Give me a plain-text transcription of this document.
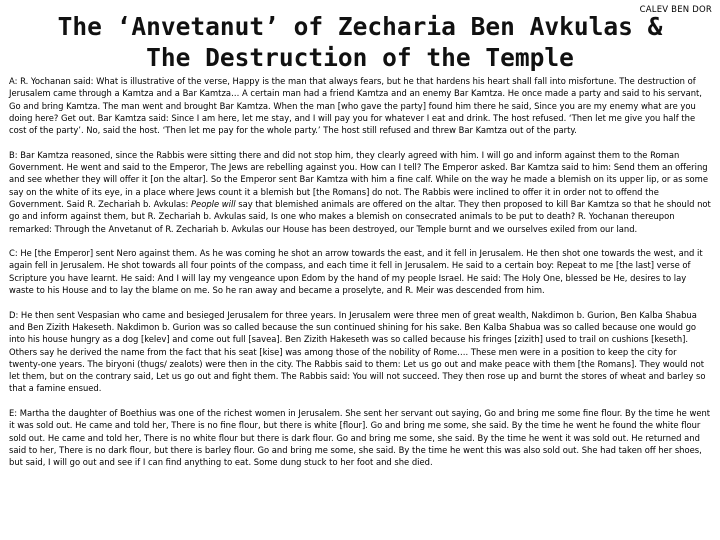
CALEV BEN DOR
The ‘Anvetanut’ of Zecharia Ben Avkulas &
The Destruction of the Temple

A: R. Yochanan said: What is illustrative of the verse, Happy is the man that always fears, but he that hardens his heart shall fall into misfortune. The destruction of Jerusalem came through a Kamtza and a Bar Kamtza… A certain man had a friend Kamtza and an enemy Bar Kamtza. He once made a party and said to his servant, Go and bring Kamtza. The man went and brought Bar Kamtza. When the man [who gave the party] found him there he said, Since you are my enemy what are you doing here? Get out. Bar Kamtza said: Since I am here, let me stay, and I will pay you for whatever I eat and drink. The host refused. ‘Then let me give you half the cost of the party’. No, said the host. ‘Then let me pay for the whole party.’ The host still refused and threw Bar Kamtza out of the party.

B: Bar Kamtza reasoned, since the Rabbis were sitting there and did not stop him, they clearly agreed with him. I will go and inform against them to the Roman Government. He went and said to the Emperor, The Jews are rebelling against you. How can I tell? The Emperor asked. Bar Kamtza said to him: Send them an offering and see whether they will offer it [on the altar]. So the Emperor sent Bar Kamtza with him a fine calf. While on the way he made a blemish on its upper lip, or as some say on the white of its eye, in a place where Jews count it a blemish but [the Romans] do not. The Rabbis were inclined to offer it in order not to offend the Government. Said R. Zechariah b. Avkulas: People will say that blemished animals are offered on the altar. They then proposed to kill Bar Kamtza so that he should not go and inform against them, but R. Zechariah b. Avkulas said, Is one who makes a blemish on consecrated animals to be put to death? R. Yochanan thereupon remarked: Through the Anvetanut of R. Zechariah b. Avkulas our House has been destroyed, our Temple burnt and we ourselves exiled from our land.

C: He [the Emperor] sent Nero against them. As he was coming he shot an arrow towards the east, and it fell in Jerusalem. He then shot one towards the west, and it again fell in Jerusalem. He shot towards all four points of the compass, and each time it fell in Jerusalem. He said to a certain boy: Repeat to me [the last] verse of Scripture you have learnt. He said: And I will lay my vengeance upon Edom by the hand of my people Israel. He said: The Holy One, blessed be He, desires to lay waste to his House and to lay the blame on me. So he ran away and became a proselyte, and R. Meir was descended from him.

D: He then sent Vespasian who came and besieged Jerusalem for three years. In Jerusalem were three men of great wealth, Nakdimon b. Gurion, Ben Kalba Shabua and Ben Zizith Hakeseth. Nakdimon b. Gurion was so called because the sun continued shining for his sake. Ben Kalba Shabua was so called because one would go into his house hungry as a dog [kelev] and come out full [savea]. Ben Zizith Hakeseth was so called because his fringes [zizith] used to trail on cushions [keseth]. Others say he derived the name from the fact that his seat [kise] was among those of the nobility of Rome…. These men were in a position to keep the city for twenty-one years. The biryoni (thugs/ zealots) were then in the city. The Rabbis said to them: Let us go out and make peace with them [the Romans]. They would not let them, but on the contrary said, Let us go out and fight them. The Rabbis said: You will not succeed. They then rose up and burnt the stores of wheat and barley so that a famine ensued.

E: Martha the daughter of Boethius was one of the richest women in Jerusalem. She sent her servant out saying, Go and bring me some fine flour. By the time he went it was sold out. He came and told her, There is no fine flour, but there is white [flour]. Go and bring me some, she said. By the time he went he found the white flour sold out. He came and told her, There is no white flour but there is dark flour. Go and bring me some, she said. By the time he went it was sold out. He returned and said to her, There is no dark flour, but there is barley flour. Go and bring me some, she said. By the time he went this was also sold out. She had taken off her shoes, but said, I will go out and see if I can find anything to eat. Some dung stuck to her foot and she died.
